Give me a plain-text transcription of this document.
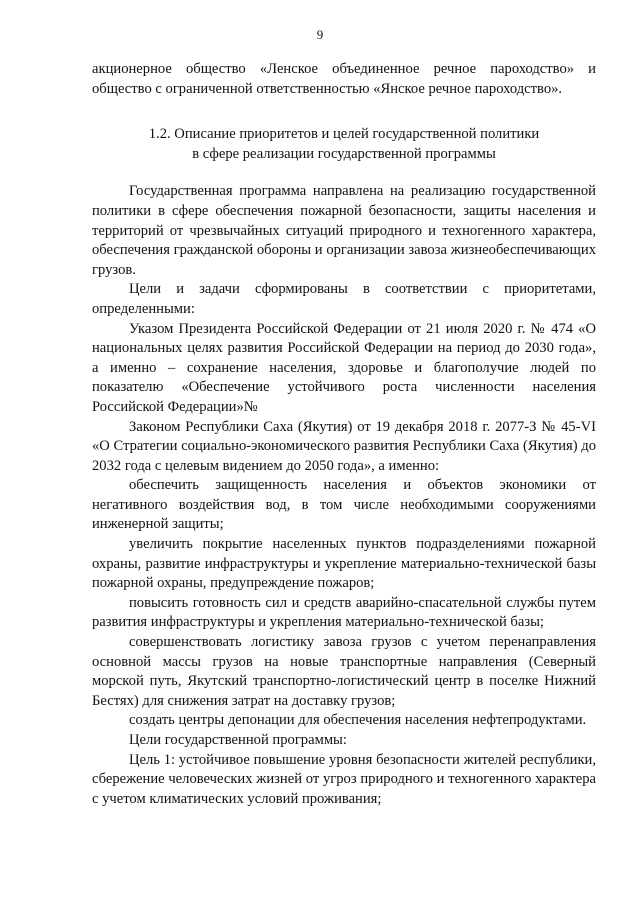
9

акционерное общество «Ленское объединенное речное пароходство» и общество с ограниченной ответственностью «Янское речное пароходство».

1.2. Описание приоритетов и целей государственной политики
в сфере реализации государственной программы

Государственная программа направлена на реализацию государственной политики в сфере обеспечения пожарной безопасности, защиты населения и территорий от чрезвычайных ситуаций природного и техногенного характера, обеспечения гражданской обороны и организации завоза жизнеобеспечивающих грузов.

Цели и задачи сформированы в соответствии с приоритетами, определенными:

Указом Президента Российской Федерации от 21 июля 2020 г. № 474 «О национальных целях развития Российской Федерации на период до 2030 года», а именно – сохранение населения, здоровье и благополучие людей по показателю «Обеспечение устойчивого роста численности населения Российской Федерации»№

Законом Республики Саха (Якутия) от 19 декабря 2018 г. 2077-З № 45-VI «О Стратегии социально-экономического развития Республики Саха (Якутия) до 2032 года с целевым видением до 2050 года», а именно:

обеспечить защищенность населения и объектов экономики от негативного воздействия вод, в том числе необходимыми сооружениями инженерной защиты;

увеличить покрытие населенных пунктов подразделениями пожарной охраны, развитие инфраструктуры и укрепление материально-технической базы пожарной охраны, предупреждение пожаров;

повысить готовность сил и средств аварийно-спасательной службы путем развития инфраструктуры и укрепления материально-технической базы;

совершенствовать логистику завоза грузов с учетом перенаправления основной массы грузов на новые транспортные направления (Северный морской путь, Якутский транспортно-логистический центр в поселке Нижний Бестях) для снижения затрат на доставку грузов;

создать центры депонации для обеспечения населения нефтепродуктами.

Цели государственной программы:

Цель 1: устойчивое повышение уровня безопасности жителей республики, сбережение человеческих жизней от угроз природного и техногенного характера с учетом климатических условий проживания;
